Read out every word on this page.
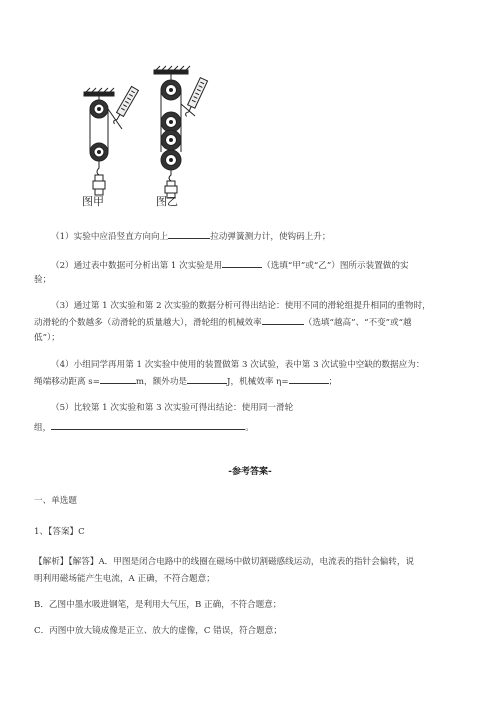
图甲	图乙
（1）实验中应沿竖直方向向上	拉动弹簧测力计，使钩码上升；
（2）通过表中数据可分析出第 1 次实验是用	（选填“甲”或“乙”）图所示装置做的实
验；
（3）通过第 1 次实验和第 2 次实验的数据分析可得出结论：使用不同的滑轮组提升相同的重物时，
动滑轮的个数越多（动滑轮的质量越大），滑轮组的机械效率	（选填“越高”、“不变”或“越
低”）；
（4）小组同学再用第 1 次实验中使用的装置做第 3 次试验，表中第 3 次试验中空缺的数据应为：
绳端移动距离 s=	m，额外功是	J，机械效率 η=	；
（5）比较第 1 次实验和第 3 次实验可得出结论：使用同一滑轮
组，	。
-参考答案-
一、单选题
1、【答案】C
【解析】【解答】A．甲图是闭合电路中的线圈在磁场中做切割磁感线运动，电流表的指针会偏转，说
明利用磁场能产生电流，A 正确，不符合题意；
B．乙图中墨水吸进钢笔，是利用大气压，B 正确，不符合题意；
C．丙图中放大镜成像是正立、放大的虚像，C 错误，符合题意；
